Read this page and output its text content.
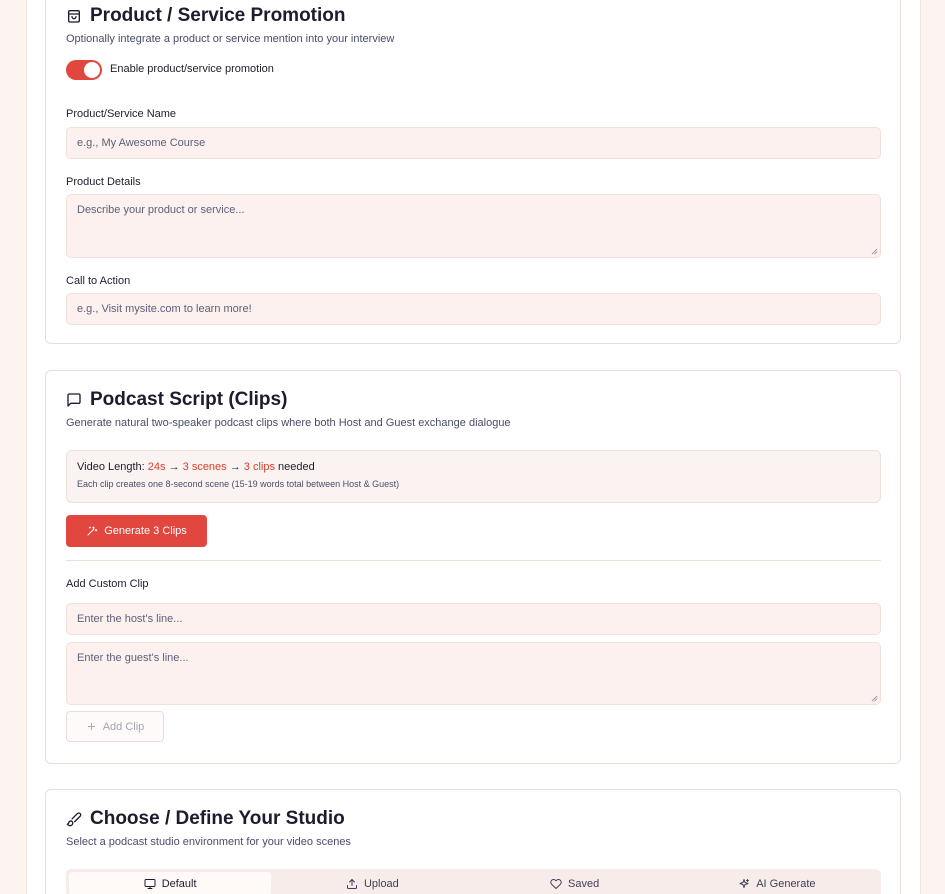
Product / Service Promotion
Optionally integrate a product or service mention into your interview
Enable product/service promotion
Product/Service Name
e.g., My Awesome Course
Product Details
Describe your product or service...
Call to Action
e.g., Visit mysite.com to learn more!
Podcast Script (Clips)
Generate natural two-speaker podcast clips where both Host and Guest exchange dialogue
Video Length: 24s → 3 scenes → 3 clips needed
Each clip creates one 8-second scene (15-19 words total between Host & Guest)
Generate 3 Clips
Add Custom Clip
Enter the host's line...
Enter the guest's line...
Add Clip
Choose / Define Your Studio
Select a podcast studio environment for your video scenes
Default	Upload	Saved	AI Generate
